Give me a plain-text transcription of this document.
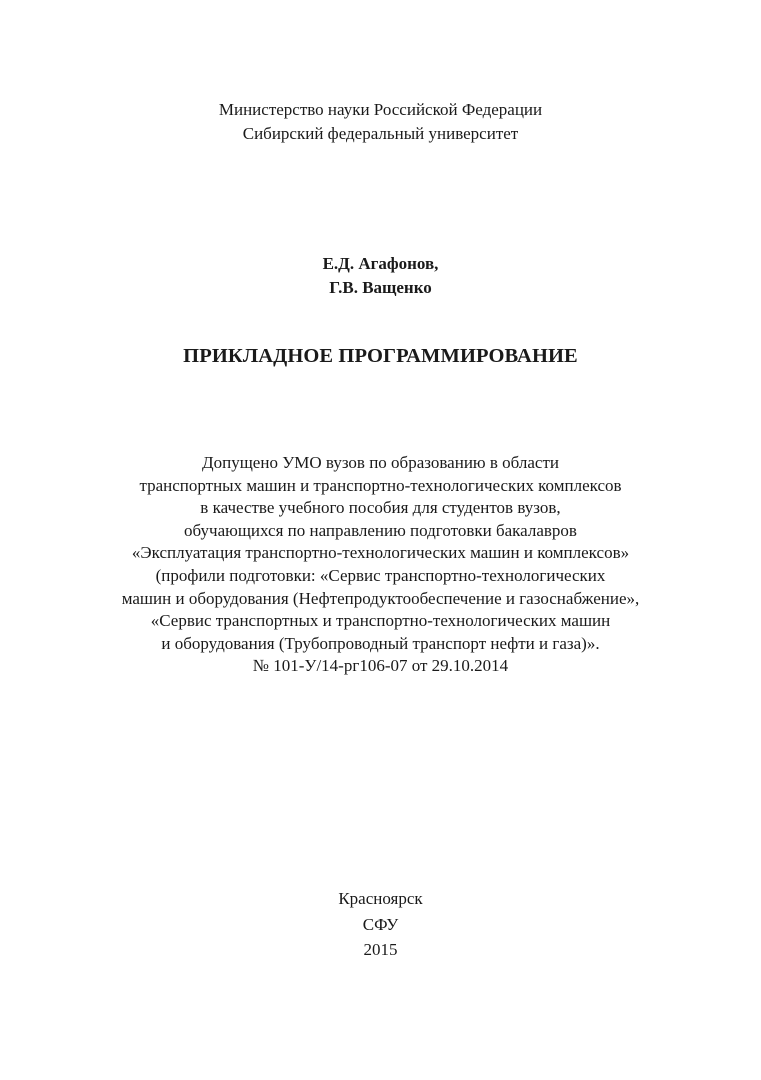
Министерство науки Российской Федерации
Сибирский федеральный университет
Е.Д. Агафонов,
Г.В. Ващенко
ПРИКЛАДНОЕ ПРОГРАММИРОВАНИЕ
Допущено УМО вузов по образованию в области
транспортных машин и транспортно-технологических комплексов
в качестве учебного пособия для студентов вузов,
обучающихся по направлению подготовки бакалавров
«Эксплуатация транспортно-технологических машин и комплексов»
(профили подготовки: «Сервис транспортно-технологических
машин и оборудования (Нефтепродуктообеспечение и газоснабжение»,
«Сервис транспортных и транспортно-технологических машин
и оборудования (Трубопроводный транспорт нефти и газа)».
№ 101-У/14-рг106-07 от 29.10.2014
Красноярск
СФУ
2015
